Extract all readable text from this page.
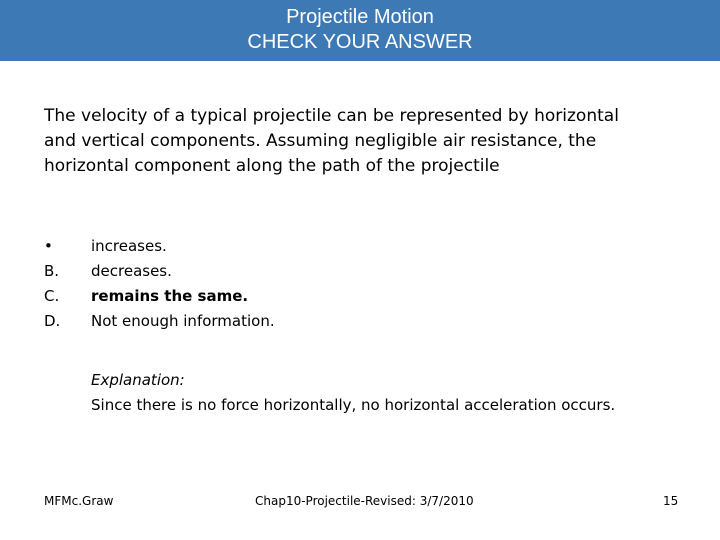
Projectile Motion
CHECK YOUR ANSWER
The velocity of a typical projectile can be represented by horizontal and vertical components. Assuming negligible air resistance, the horizontal component along the path of the projectile
•	increases.
B. decreases.
C. remains the same.
D. Not enough information.
Explanation:
Since there is no force horizontally, no horizontal acceleration occurs.
MFMc.Graw	Chap10-Projectile-Revised: 3/7/2010	15
